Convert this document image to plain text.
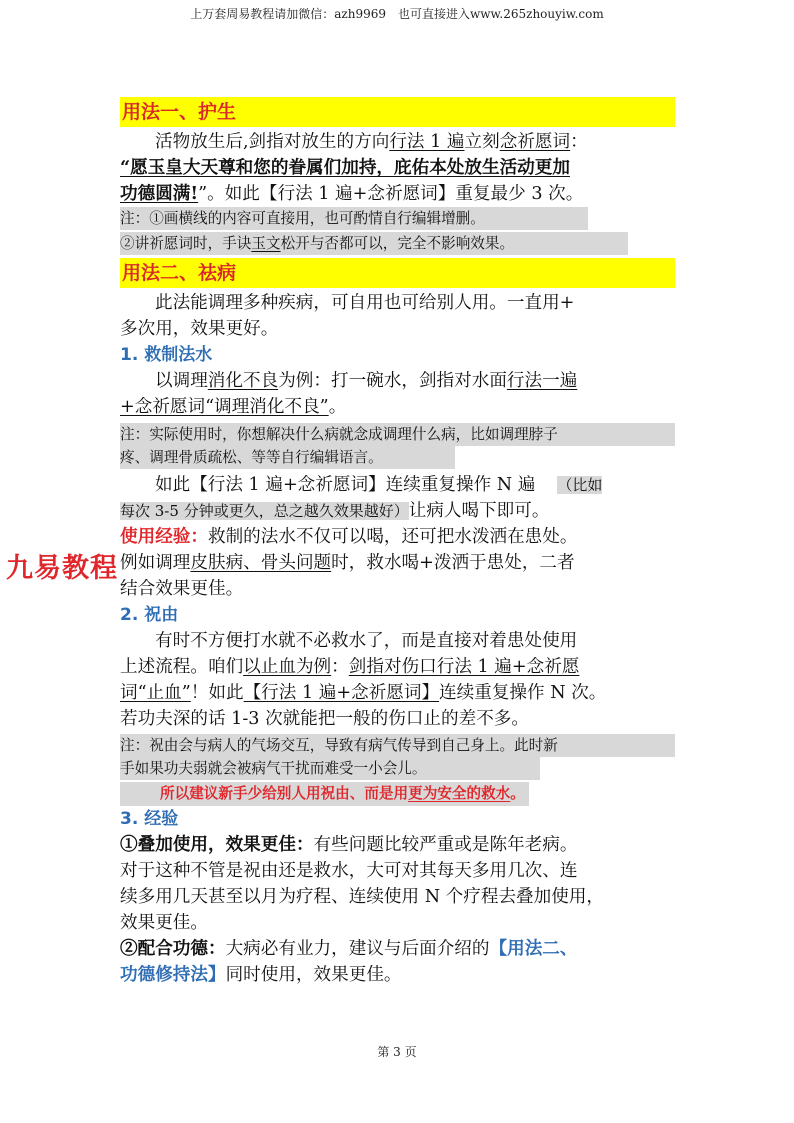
上万套周易教程请加微信：azh9969　也可直接进入www.265zhouyiw.com
九易教程
用法一、护生
活物放生后,剑指对放生的方向行法 1 遍立刻念祈愿词：
“愿玉皇大天尊和您的眷属们加持，庇佑本处放生活动更加
功德圆满!”。如此【行法 1 遍+念祈愿词】重复最少 3 次。
注：①画横线的内容可直接用，也可酌情自行编辑增删。
②讲祈愿词时，手诀玉文松开与否都可以，完全不影响效果。
用法二、祛病
此法能调理多种疾病，可自用也可给别人用。一直用+
多次用，效果更好。
1. 救制法水
以调理消化不良为例：打一碗水，剑指对水面行法一遍
+念祈愿词“调理消化不良”。
注：实际使用时，你想解决什么病就念成调理什么病，比如调理脖子
疼、调理骨质疏松、等等自行编辑语言。
如此【行法 1 遍+念祈愿词】连续重复操作 N 遍 （比如
每次 3-5 分钟或更久，总之越久效果越好）让病人喝下即可。
使用经验：救制的法水不仅可以喝，还可把水泼洒在患处。
例如调理皮肤病、骨头问题时，救水喝+泼洒于患处，二者
结合效果更佳。
2. 祝由
有时不方便打水就不必救水了，而是直接对着患处使用
上述流程。咱们以止血为例：剑指对伤口行法 1 遍+念祈愿
词“止血”！如此【行法 1 遍+念祈愿词】连续重复操作 N 次。
若功夫深的话 1-3 次就能把一般的伤口止的差不多。
注：祝由会与病人的气场交互，导致有病气传导到自己身上。此时新
手如果功夫弱就会被病气干扰而难受一小会儿。
所以建议新手少给别人用祝由、而是用更为安全的救水。
3. 经验
①叠加使用，效果更佳：有些问题比较严重或是陈年老病。
对于这种不管是祝由还是救水，大可对其每天多用几次、连
续多用几天甚至以月为疗程、连续使用 N 个疗程去叠加使用，
效果更佳。
②配合功德：大病必有业力，建议与后面介绍的【用法二、
功德修持法】同时使用，效果更佳。
第 3 页
